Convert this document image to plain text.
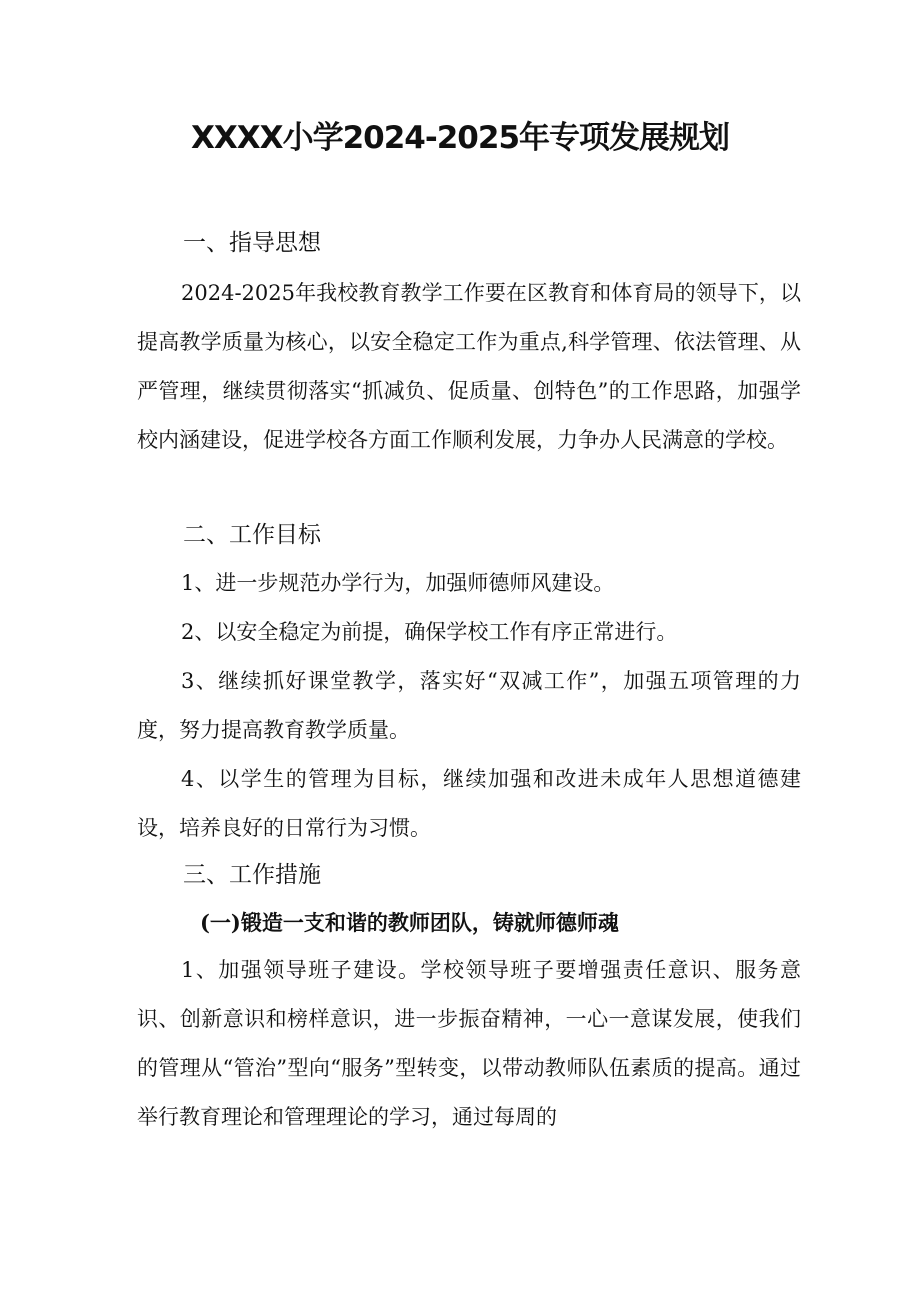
XXXX小学2024-2025年专项发展规划
一、指导思想

2024-2025年我校教育教学工作要在区教育和体育局的领导下，以提高教学质量为核心，以安全稳定工作为重点,科学管理、依法管理、从严管理，继续贯彻落实“抓减负、促质量、创特色”的工作思路，加强学校内涵建设，促进学校各方面工作顺利发展，力争办人民满意的学校。

二、工作目标

1、进一步规范办学行为，加强师德师风建设。

2、以安全稳定为前提，确保学校工作有序正常进行。

3、继续抓好课堂教学，落实好“双减工作”，加强五项管理的力度，努力提高教育教学质量。

4、以学生的管理为目标，继续加强和改进未成年人思想道德建设，培养良好的日常行为习惯。

三、工作措施
(一)锻造一支和谐的教师团队，铸就师德师魂

1、加强领导班子建设。学校领导班子要增强责任意识、服务意识、创新意识和榜样意识，进一步振奋精神，一心一意谋发展，使我们的管理从“管治”型向“服务”型转变，以带动教师队伍素质的提高。通过举行教育理论和管理理论的学习，通过每周的
